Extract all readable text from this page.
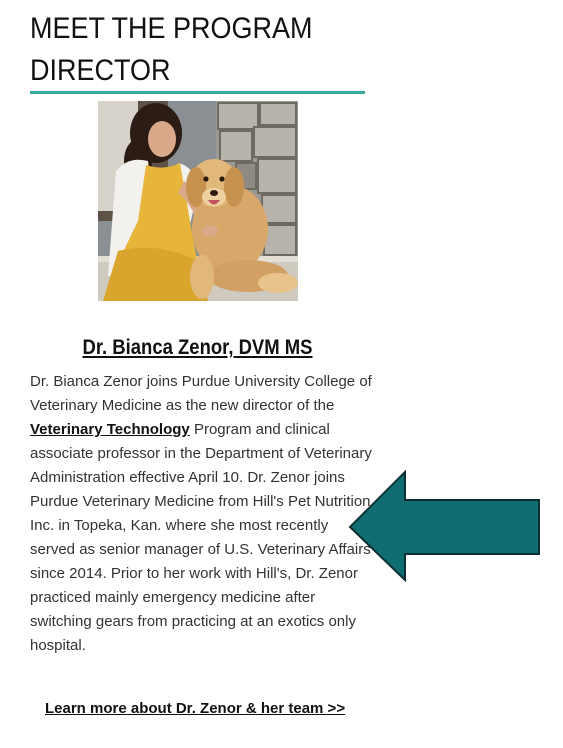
MEET THE PROGRAM
DIRECTOR
Dr. Bianca Zenor, DVM MS

Dr. Bianca Zenor joins Purdue University College of Veterinary Medicine as the new director of the Veterinary Technology Program and clinical associate professor in the Department of Veterinary Administration effective April 10. Dr. Zenor joins Purdue Veterinary Medicine from Hill's Pet Nutrition, Inc. in Topeka, Kan. where she most recently served as senior manager of U.S. Veterinary Affairs since 2014. Prior to her work with Hill's, Dr. Zenor practiced mainly emergency medicine after switching gears from practicing at an exotics only hospital.

Learn more about Dr. Zenor & her team >>
